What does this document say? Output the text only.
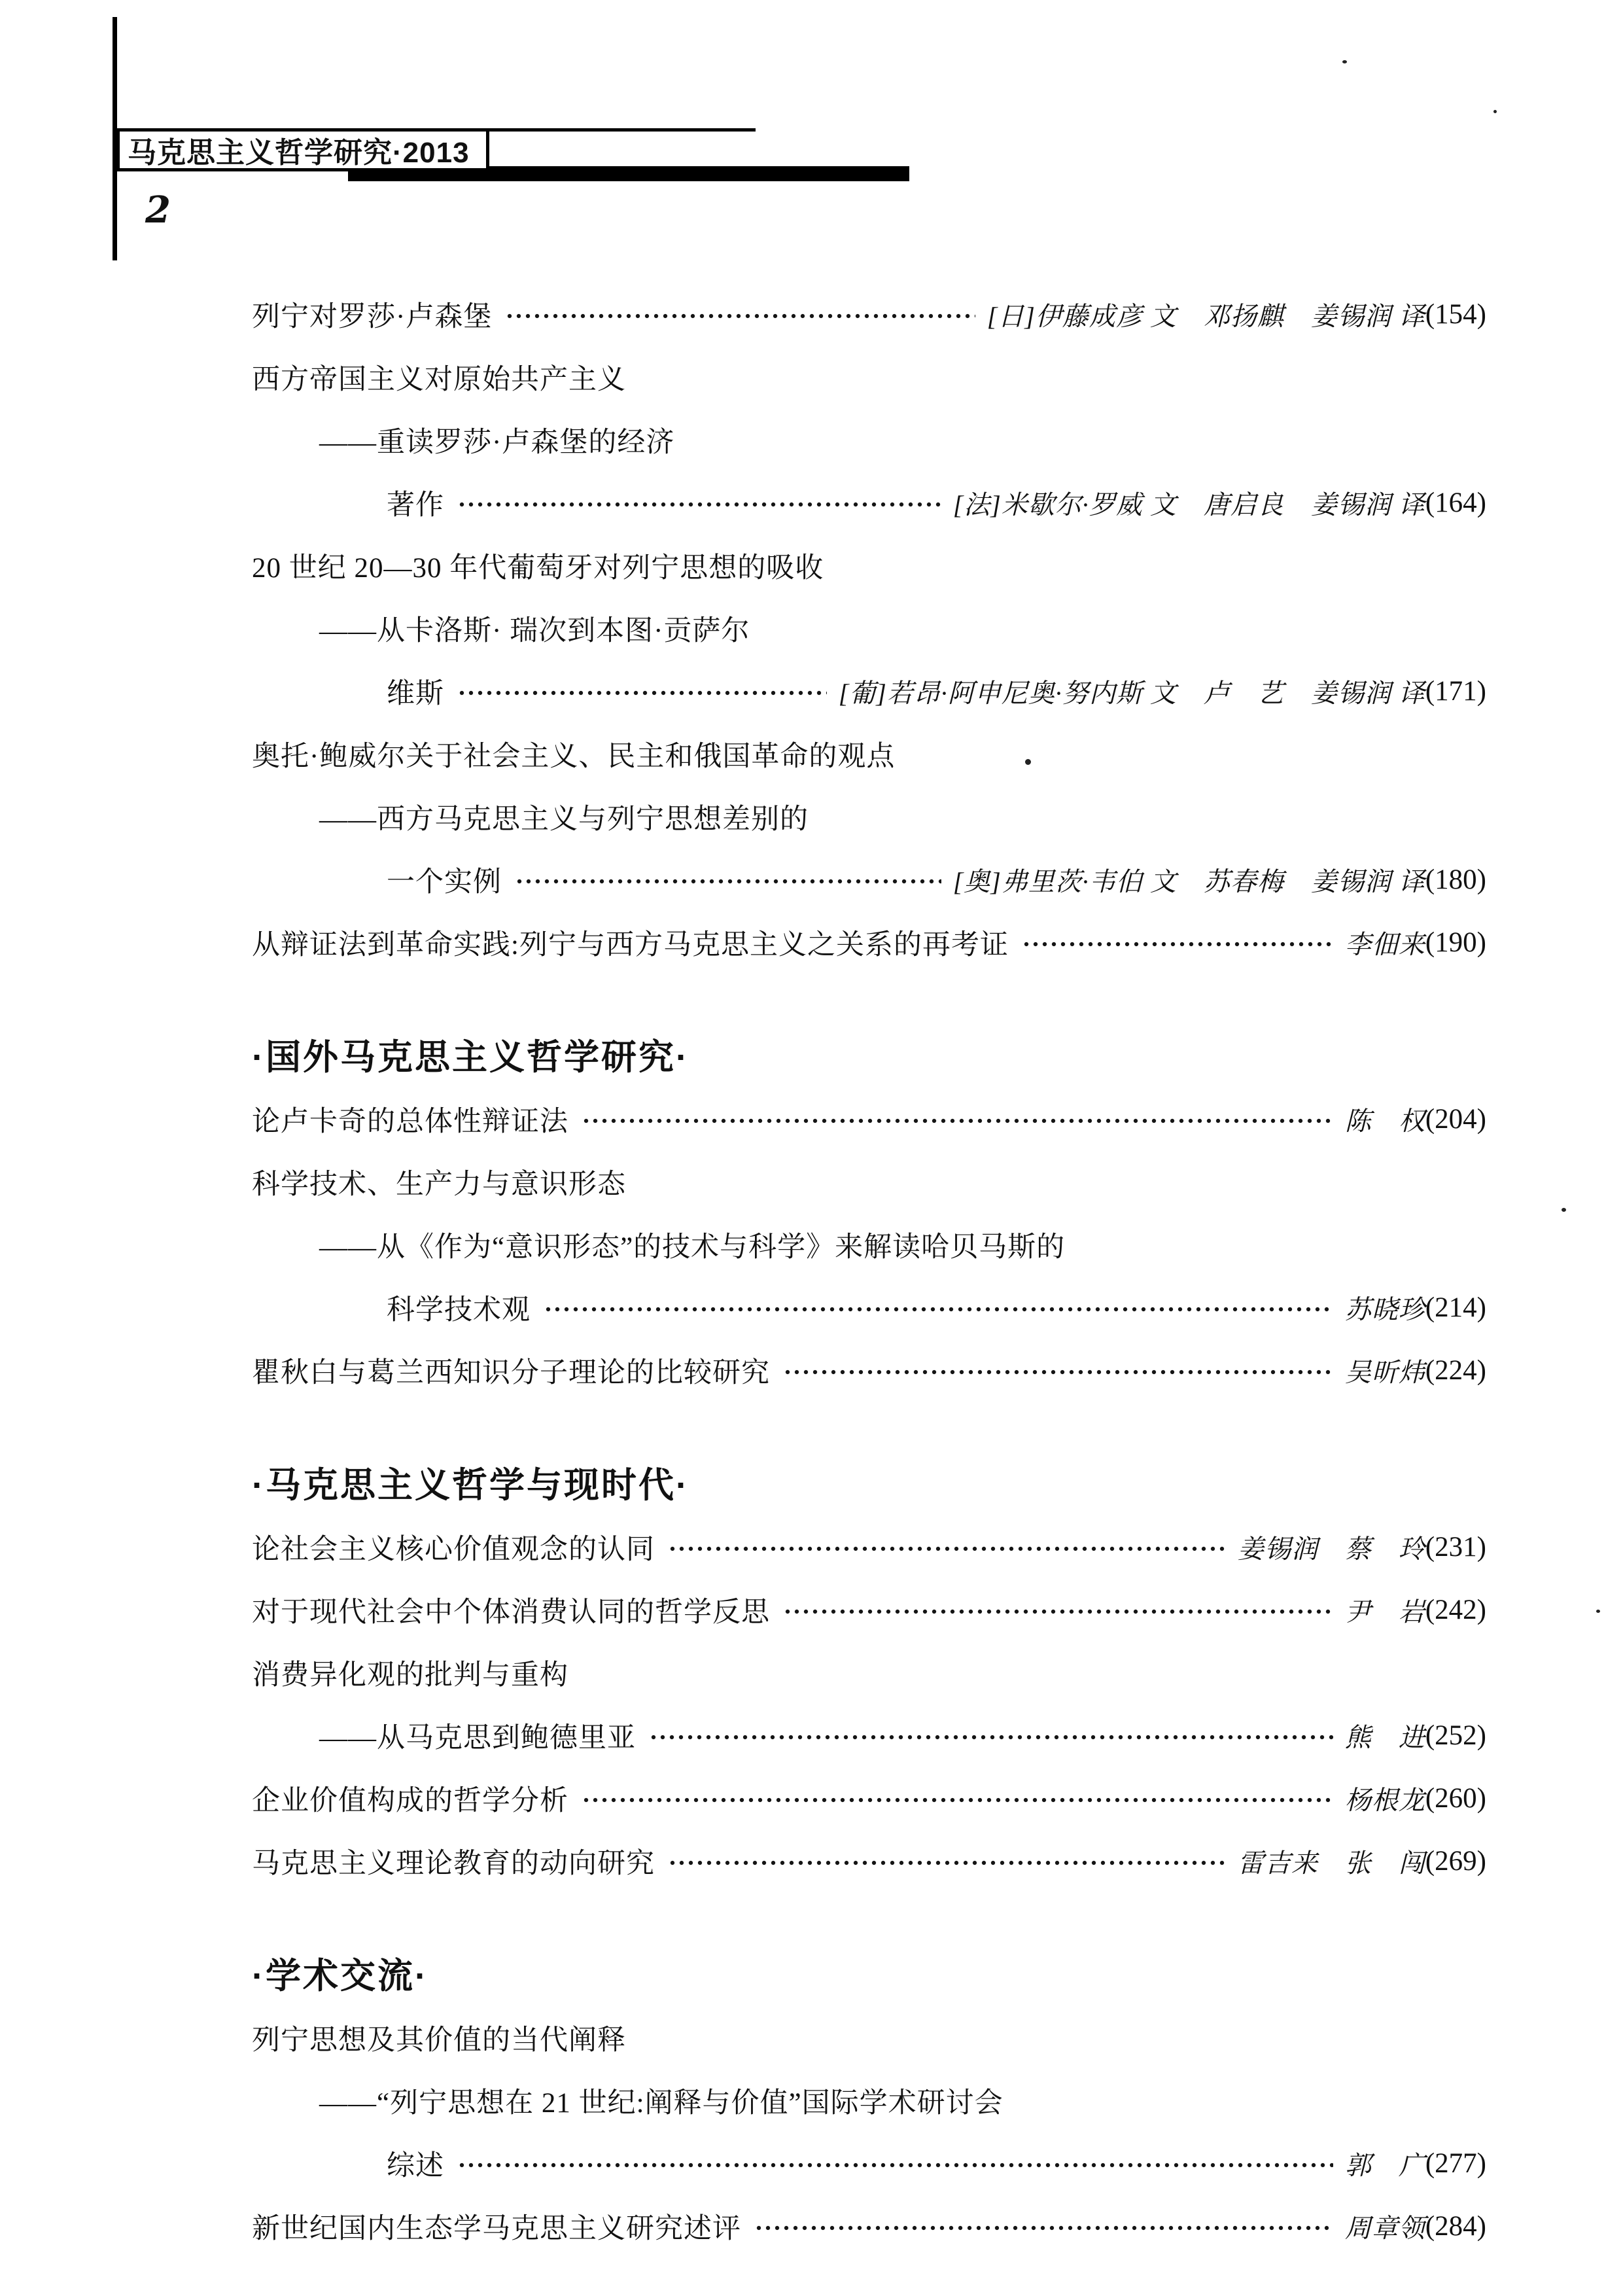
马克思主义哲学研究·2013
2
列宁对罗莎·卢森堡	[日]伊藤成彦 文　邓扬麒　姜锡润 译 (154)
西方帝国主义对原始共产主义
——重读罗莎·卢森堡的经济
著作	[法]米歇尔·罗威 文　唐启良　姜锡润 译 (164)
20 世纪 20—30 年代葡萄牙对列宁思想的吸收
——从卡洛斯· 瑞次到本图·贡萨尔
维斯	[葡]若昂·阿申尼奥·努内斯 文　卢　艺　姜锡润 译 (171)
奥托·鲍威尔关于社会主义、民主和俄国革命的观点
——西方马克思主义与列宁思想差别的
一个实例	[奥]弗里茨·韦伯 文　苏春梅　姜锡润 译 (180)
从辩证法到革命实践:列宁与西方马克思主义之关系的再考证	李佃来 (190)
·国外马克思主义哲学研究·
论卢卡奇的总体性辩证法	陈　权 (204)
科学技术、生产力与意识形态
——从《作为“意识形态”的技术与科学》来解读哈贝马斯的
科学技术观	苏晓珍 (214)
瞿秋白与葛兰西知识分子理论的比较研究	吴昕炜 (224)
·马克思主义哲学与现时代·
论社会主义核心价值观念的认同	姜锡润　蔡　玲 (231)
对于现代社会中个体消费认同的哲学反思	尹　岩 (242)
消费异化观的批判与重构
——从马克思到鲍德里亚	熊　进 (252)
企业价值构成的哲学分析	杨根龙 (260)
马克思主义理论教育的动向研究	雷吉来　张　闯 (269)
·学术交流·
列宁思想及其价值的当代阐释
——“列宁思想在 21 世纪:阐释与价值”国际学术研讨会
综述	郭　广 (277)
新世纪国内生态学马克思主义研究述评	周章领 (284)
